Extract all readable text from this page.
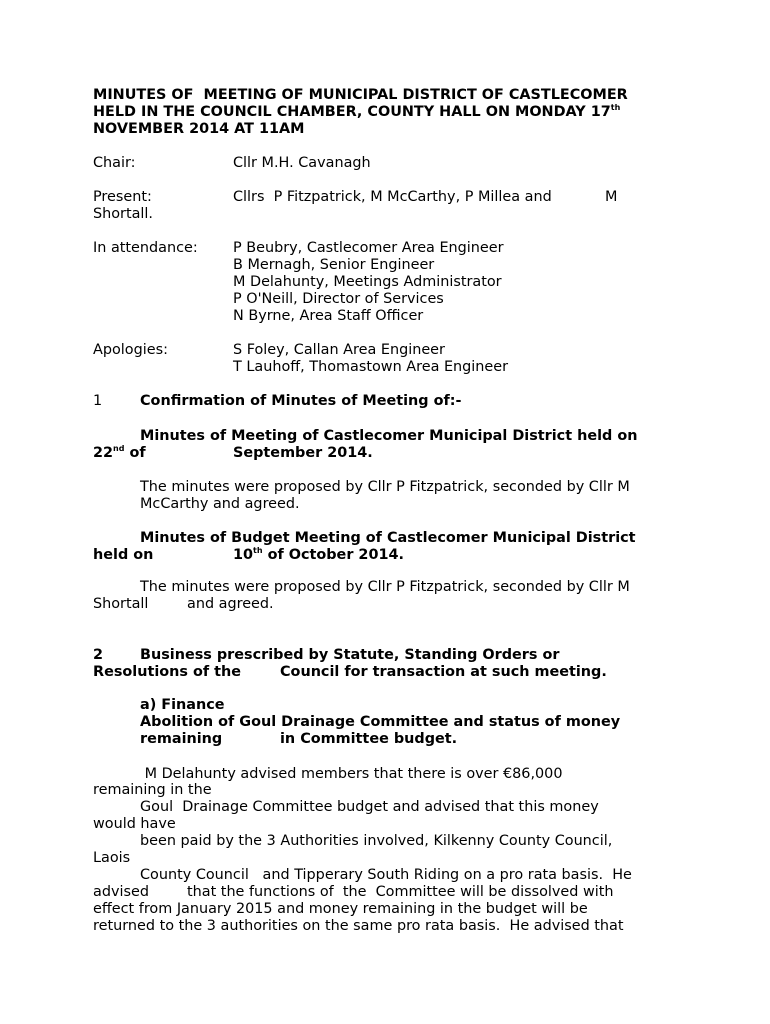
MINUTES OF  MEETING OF MUNICIPAL DISTRICT OF CASTLECOMER
HELD IN THE COUNCIL CHAMBER, COUNTY HALL ON MONDAY 17th
NOVEMBER 2014 AT 11AM
Chair:	Cllr M.H. Cavanagh
Present:	Cllrs  P Fitzpatrick, M McCarthy, P Millea and	M
Shortall.
In attendance: P Beubry, Castlecomer Area Engineer
B Mernagh, Senior Engineer
M Delahunty, Meetings Administrator
P O'Neill, Director of Services
N Byrne, Area Staff Officer
Apologies:	S Foley, Callan Area Engineer
T Lauhoff, Thomastown Area Engineer
1	Confirmation of Minutes of Meeting of:-
Minutes of Meeting of Castlecomer Municipal District held on
22nd of	September 2014.
The minutes were proposed by Cllr P Fitzpatrick, seconded by Cllr M
McCarthy and agreed.
Minutes of Budget Meeting of Castlecomer Municipal District
held on	10th of October 2014.
The minutes were proposed by Cllr P Fitzpatrick, seconded by Cllr M
Shortall	and agreed.
2	Business prescribed by Statute, Standing Orders or
Resolutions of the	Council for transaction at such meeting.
a) Finance
Abolition of Goul Drainage Committee and status of money
remaining	in Committee budget.
M Delahunty advised members that there is over €86,000
remaining in the
Goul  Drainage Committee budget and advised that this money
would have
been paid by the 3 Authorities involved, Kilkenny County Council,
Laois
County Council   and Tipperary South Riding on a pro rata basis.  He
advised	that the functions of  the  Committee will be dissolved with
effect from January 2015 and money remaining in the budget will be
returned to the 3 authorities on the same pro rata basis.  He advised that
